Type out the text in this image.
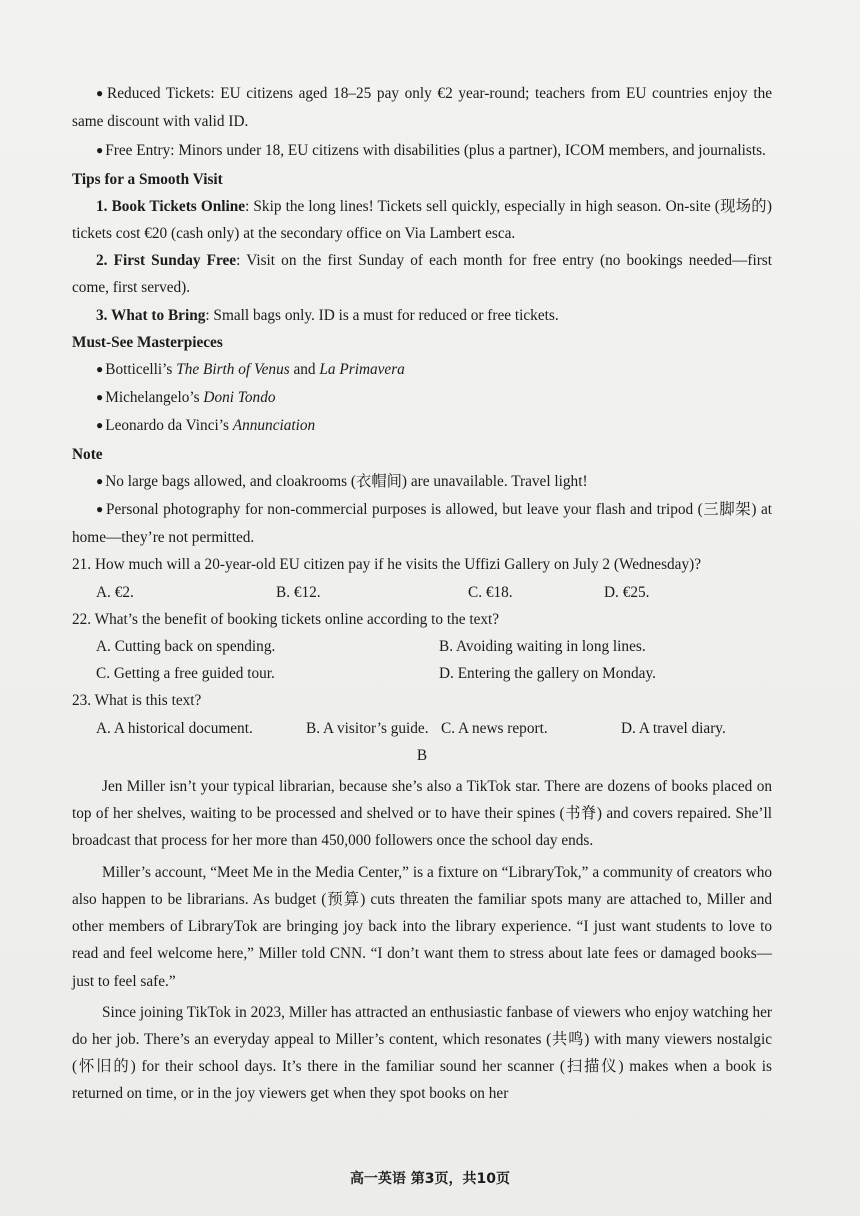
● Reduced Tickets: EU citizens aged 18–25 pay only €2 year-round; teachers from EU countries enjoy the same discount with valid ID.

● Free Entry: Minors under 18, EU citizens with disabilities (plus a partner), ICOM members, and journalists.

Tips for a Smooth Visit

1. Book Tickets Online: Skip the long lines! Tickets sell quickly, especially in high season. On-site (现场的) tickets cost €20 (cash only) at the secondary office on Via Lambert esca.

2. First Sunday Free: Visit on the first Sunday of each month for free entry (no bookings needed—first come, first served).

3. What to Bring: Small bags only. ID is a must for reduced or free tickets.

Must-See Masterpieces

● Botticelli’s The Birth of Venus and La Primavera

● Michelangelo’s Doni Tondo

● Leonardo da Vinci’s Annunciation

Note

● No large bags allowed, and cloakrooms (衣帽间) are unavailable. Travel light!

● Personal photography for non-commercial purposes is allowed, but leave your flash and tripod (三脚架) at home—they’re not permitted.

21. How much will a 20-year-old EU citizen pay if he visits the Uffizi Gallery on July 2 (Wednesday)?

A. €2.	B. €12.	C. €18.	D. €25.

22. What’s the benefit of booking tickets online according to the text?

A. Cutting back on spending.	B. Avoiding waiting in long lines.
C. Getting a free guided tour.	D. Entering the gallery on Monday.

23. What is this text?

A. A historical document.	B. A visitor’s guide. C. A news report.	D. A travel diary.

B

Jen Miller isn’t your typical librarian, because she’s also a TikTok star. There are dozens of books placed on top of her shelves, waiting to be processed and shelved or to have their spines (书脊) and covers repaired. She’ll broadcast that process for her more than 450,000 followers once the school day ends.

Miller’s account, “Meet Me in the Media Center,” is a fixture on “LibraryTok,” a community of creators who also happen to be librarians. As budget (预算) cuts threaten the familiar spots many are attached to, Miller and other members of LibraryTok are bringing joy back into the library experience. “I just want students to love to read and feel welcome here,” Miller told CNN. “I don’t want them to stress about late fees or damaged books—just to feel safe.”

Since joining TikTok in 2023, Miller has attracted an enthusiastic fanbase of viewers who enjoy watching her do her job. There’s an everyday appeal to Miller’s content, which resonates (共鸣) with many viewers nostalgic (怀旧的) for their school days. It’s there in the familiar sound her scanner (扫描仪) makes when a book is returned on time, or in the joy viewers get when they spot books on her

高一英语 第3页，共10页
